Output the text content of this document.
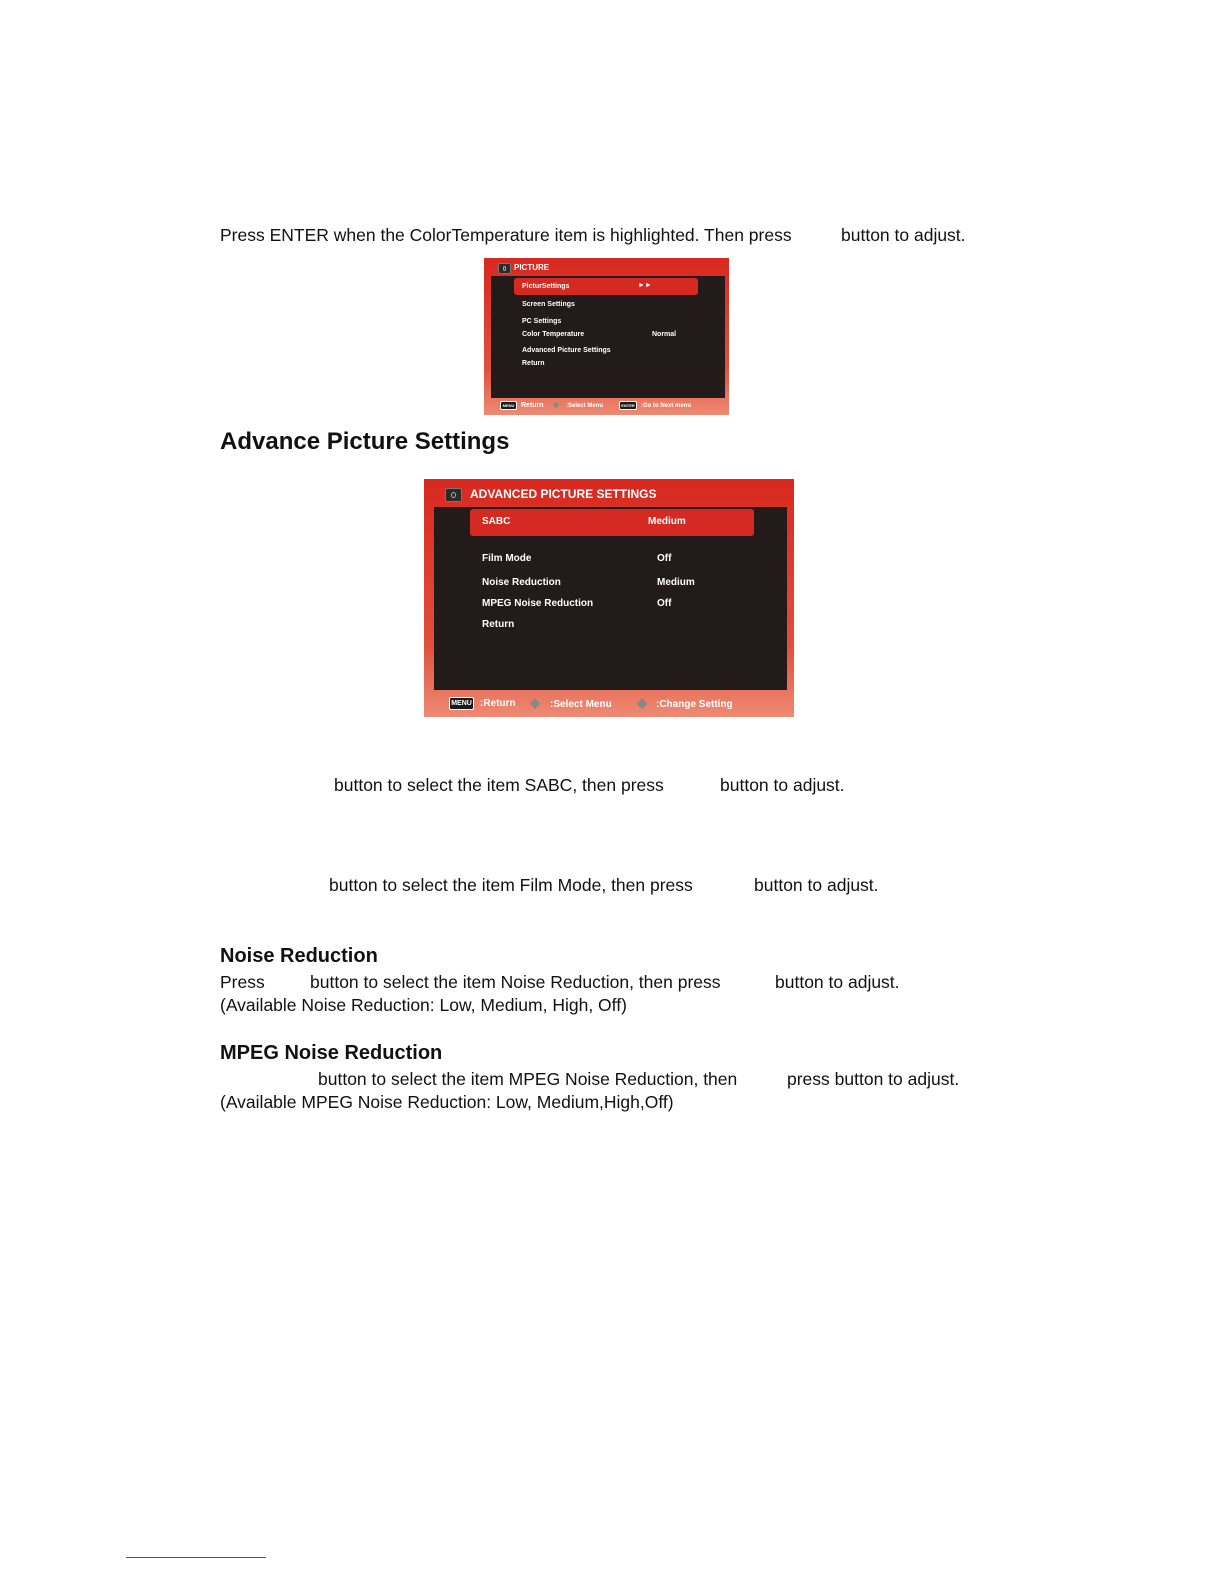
Press ENTER when the ColorTemperature item is highlighted. Then press	button to adjust.
PICTURE
PicturSettings	►►
Screen Settings
PC Settings
Color Temperature	Normal
Advanced Picture Settings
Return
MENU Return ◆ :Select Menu	ENTER	:Go to Next menu
Advance Picture Settings
ADVANCED PICTURE SETTINGS
SABC	Medium
Film Mode	Off
Noise Reduction	Medium
MPEG Noise Reduction	Off
Return
MENU :Return ◆ :Select Menu ◆ :Change Setting
button to select the item SABC, then press	button to adjust.
button to select the item Film Mode, then press	button to adjust.
Noise Reduction
Press	button to select the item Noise Reduction, then press	button to adjust.
(Available Noise Reduction: Low, Medium, High, Off)
MPEG Noise Reduction
button to select the item MPEG Noise Reduction, then	press button to adjust.
(Available MPEG Noise Reduction: Low, Medium,High,Off)
